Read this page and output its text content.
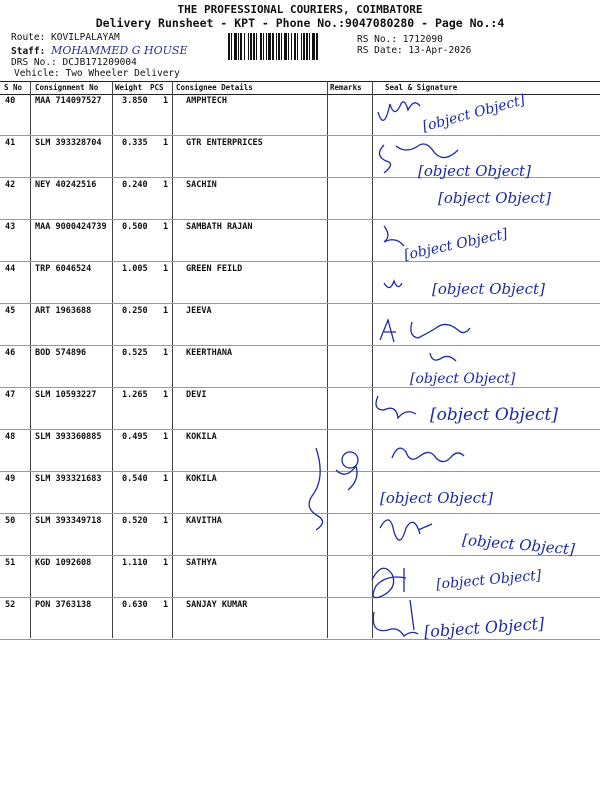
THE PROFESSIONAL COURIERS, COIMBATORE
Delivery Runsheet - KPT - Phone No.:9047080280 - Page No.:4
Route: KOVILPALAYAM
Staff: MOHAMMED G HOUSE
DRS No.: DCJB171209004
Vehicle: Two Wheeler Delivery
RS No.: 1712090
RS Date: 13-Apr-2026
S No Consignment No Weight PCS Consignee Details	Remarks	Seal & Signature
40 MAA 714097527 3.850 1 AMPHTECH
41 SLM 393328704 0.335 1 GTR ENTERPRICES
42 NEY 40242516	0.240 1 SACHIN
43 MAA 9000424739 0.500 1 SAMBATH RAJAN
44 TRP 6046524	1.005 1 GREEN FEILD
45 ART 1963688	0.250 1 JEEVA
46 BOD 574896	0.525 1 KEERTHANA
47 SLM 10593227	1.265 1 DEVI
48 SLM 393360885 0.495 1 KOKILA
49 SLM 393321683 0.540 1 KOKILA
50 SLM 393349718 0.520 1 KAVITHA
51 KGD 1092608	1.110 1 SATHYA
52 PON 3763138	0.630 1 SANJAY KUMAR
[object Object]
[object Object]
[object Object]
[object Object]
[object Object]
[object Object]
[object Object]
[object Object]
[object Object]
[object Object]
[object Object]
